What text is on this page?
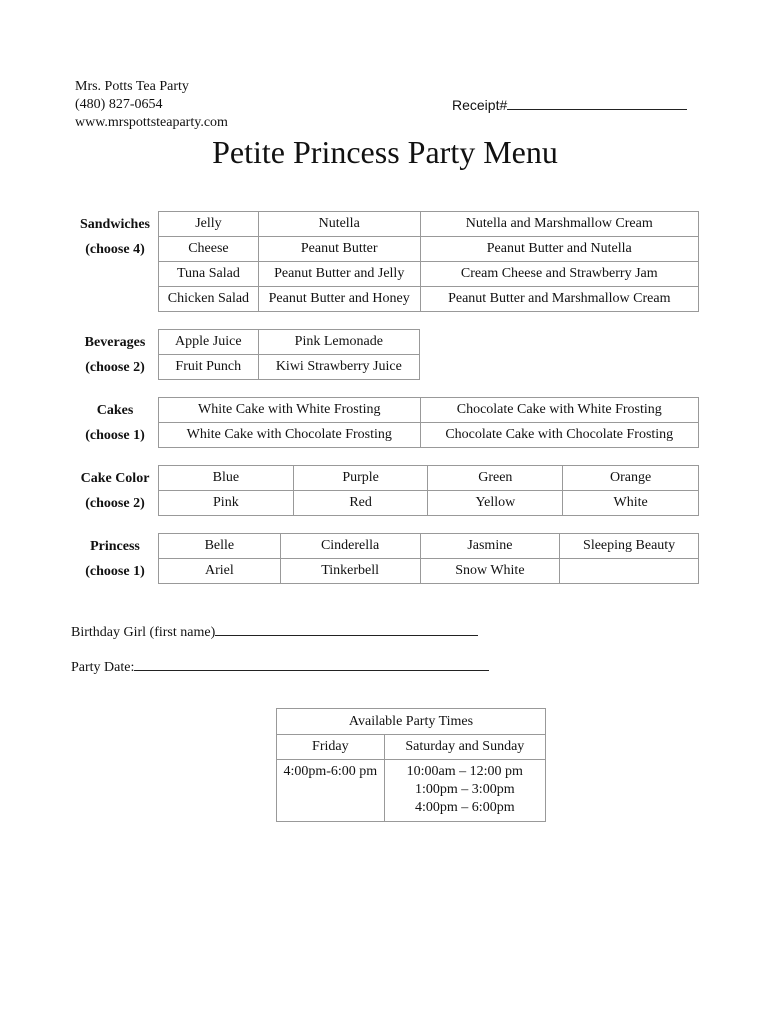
Mrs. Potts Tea Party
(480) 827-0654
www.mrspottsteaparty.com
Receipt#
Petite Princess Party Menu
Sandwiches
(choose 4)
Jelly	Nutella	Nutella and Marshmallow Cream
Cheese	Peanut Butter	Peanut Butter and Nutella
Tuna Salad	Peanut Butter and Jelly	Cream Cheese and Strawberry Jam
Chicken Salad	Peanut Butter and Honey	Peanut Butter and Marshmallow Cream
Beverages
(choose 2)
Apple Juice	Pink Lemonade
Fruit Punch	Kiwi Strawberry Juice
Cakes
(choose 1)
White Cake with White Frosting	Chocolate Cake with White Frosting
White Cake with Chocolate Frosting	Chocolate Cake with Chocolate Frosting
Cake Color
(choose 2)
Blue	Purple	Green	Orange
Pink	Red	Yellow	White
Princess
(choose 1)
Belle	Cinderella	Jasmine	Sleeping Beauty
Ariel	Tinkerbell	Snow White	
Birthday Girl (first name)
Party Date:
Available Party Times	
Friday	Saturday and Sunday

4:00pm-6:00 pm	10:00am – 12:00 pm
1:00pm – 3:00pm
4:00pm – 6:00pm
